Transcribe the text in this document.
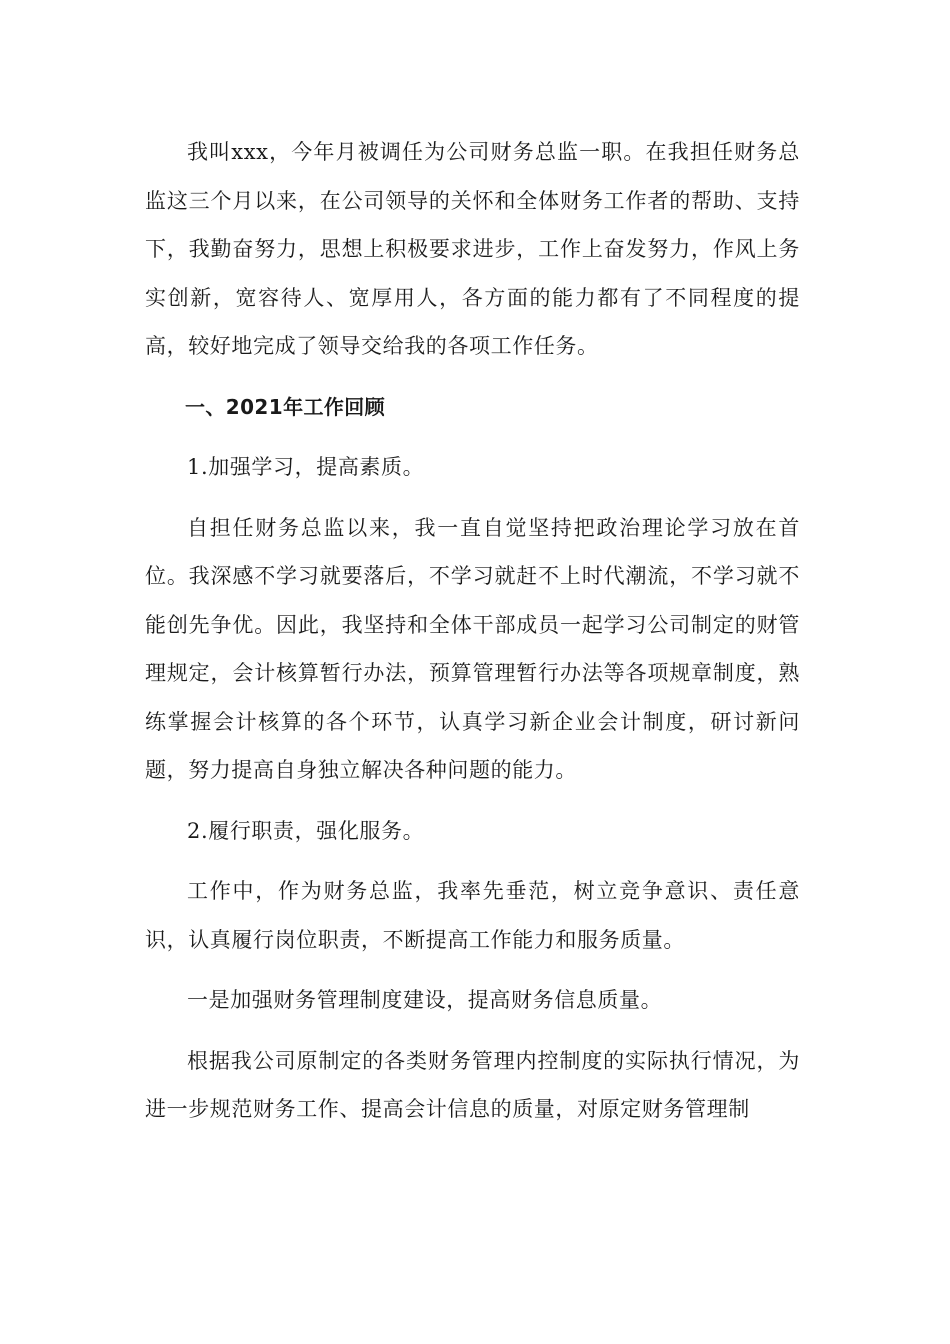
我叫xxx，今年月被调任为公司财务总监一职。在我担任财务总监这三个月以来，在公司领导的关怀和全体财务工作者的帮助、支持下，我勤奋努力，思想上积极要求进步，工作上奋发努力，作风上务实创新，宽容待人、宽厚用人，各方面的能力都有了不同程度的提高，较好地完成了领导交给我的各项工作任务。

一、2021年工作回顾

1.加强学习，提高素质。

自担任财务总监以来，我一直自觉坚持把政治理论学习放在首位。我深感不学习就要落后，不学习就赶不上时代潮流，不学习就不能创先争优。因此，我坚持和全体干部成员一起学习公司制定的财管理规定，会计核算暂行办法，预算管理暂行办法等各项规章制度，熟练掌握会计核算的各个环节，认真学习新企业会计制度，研讨新问题，努力提高自身独立解决各种问题的能力。

2.履行职责，强化服务。

工作中，作为财务总监，我率先垂范，树立竞争意识、责任意识，认真履行岗位职责，不断提高工作能力和服务质量。

一是加强财务管理制度建设，提高财务信息质量。

根据我公司原制定的各类财务管理内控制度的实际执行情况，为进一步规范财务工作、提高会计信息的质量，对原定财务管理制
